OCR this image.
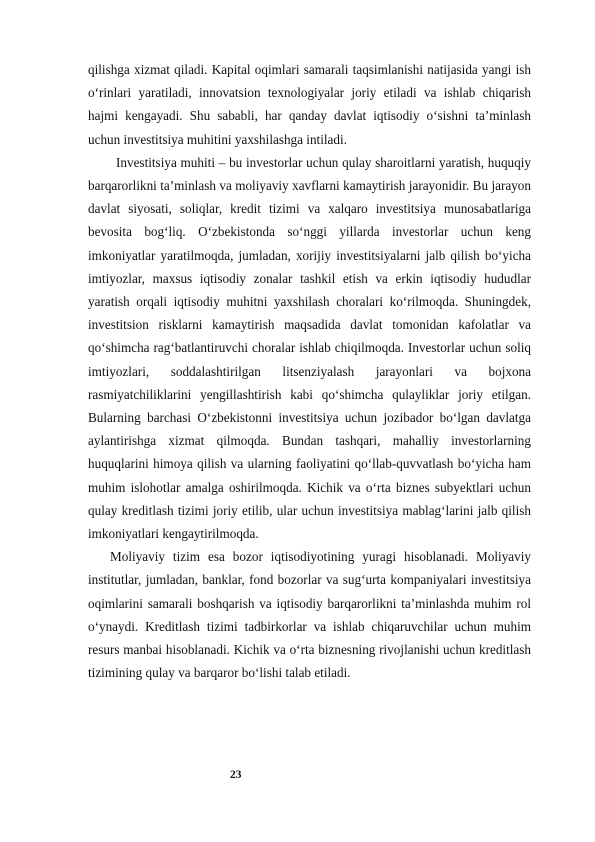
qilishga xizmat qiladi. Kapital oqimlari samarali taqsimlanishi natijasida yangi ish o‘rinlari yaratiladi, innovatsion texnologiyalar joriy etiladi va ishlab chiqarish hajmi kengayadi. Shu sababli, har qanday davlat iqtisodiy o‘sishni ta’minlash uchun investitsiya muhitini yaxshilashga intiladi.

Investitsiya muhiti – bu investorlar uchun qulay sharoitlarni yaratish, huquqiy barqarorlikni ta’minlash va moliyaviy xavflarni kamaytirish jarayonidir. Bu jarayon davlat siyosati, soliqlar, kredit tizimi va xalqaro investitsiya munosabatlariga bevosita bog‘liq. O‘zbekistonda so‘nggi yillarda investorlar uchun keng imkoniyatlar yaratilmoqda, jumladan, xorijiy investitsiyalarni jalb qilish bo‘yicha imtiyozlar, maxsus iqtisodiy zonalar tashkil etish va erkin iqtisodiy hududlar yaratish orqali iqtisodiy muhitni yaxshilash choralari ko‘rilmoqda. Shuningdek, investitsion risklarni kamaytirish maqsadida davlat tomonidan kafolatlar va qo‘shimcha rag‘batlantiruvchi choralar ishlab chiqilmoqda. Investorlar uchun soliq imtiyozlari, soddalashtirilgan litsenziyalash jarayonlari va bojxona rasmiyatchiliklarini yengillashtirish kabi qo‘shimcha qulayliklar joriy etilgan. Bularning barchasi O‘zbekistonni investitsiya uchun jozibador bo‘lgan davlatga aylantirishga xizmat qilmoqda. Bundan tashqari, mahalliy investorlarning huquqlarini himoya qilish va ularning faoliyatini qo‘llab-quvvatlash bo‘yicha ham muhim islohotlar amalga oshirilmoqda. Kichik va o‘rta biznes subyektlari uchun qulay kreditlash tizimi joriy etilib, ular uchun investitsiya mablag‘larini jalb qilish imkoniyatlari kengaytirilmoqda.

Moliyaviy tizim esa bozor iqtisodiyotining yuragi hisoblanadi. Moliyaviy institutlar, jumladan, banklar, fond bozorlar va sug‘urta kompaniyalari investitsiya oqimlarini samarali boshqarish va iqtisodiy barqarorlikni ta’minlashda muhim rol o‘ynaydi. Kreditlash tizimi tadbirkorlar va ishlab chiqaruvchilar uchun muhim resurs manbai hisoblanadi. Kichik va o‘rta biznesning rivojlanishi uchun kreditlash tizimining qulay va barqaror bo‘lishi talab etiladi.

23
